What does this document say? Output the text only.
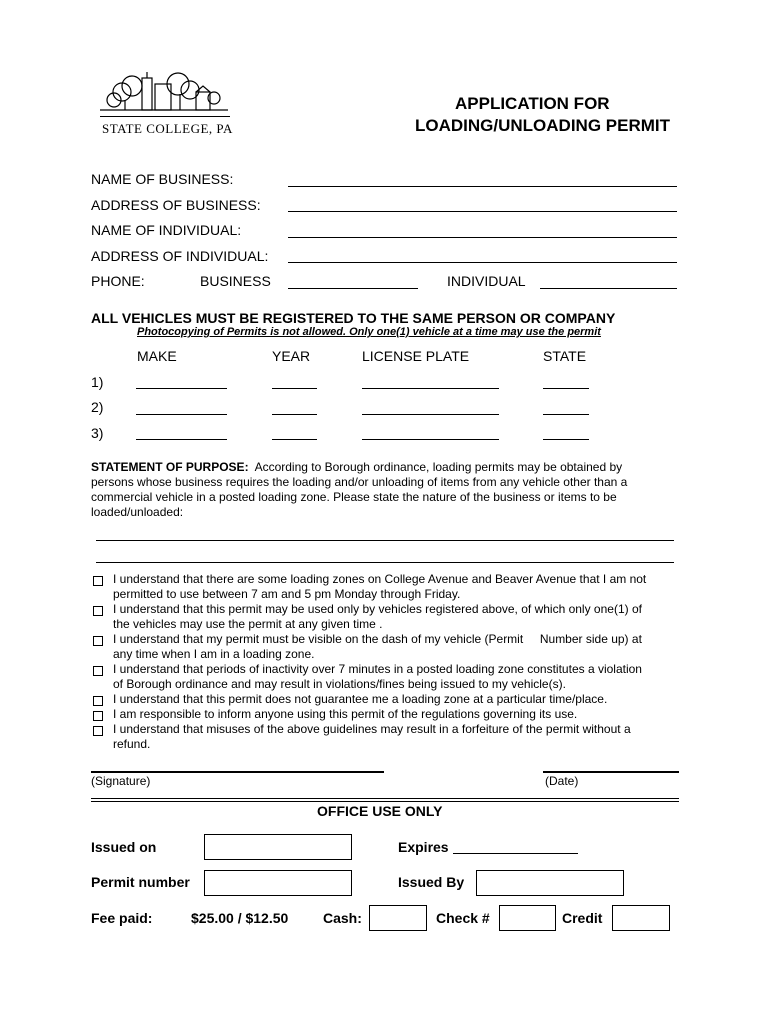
STATE COLLEGE, PA
APPLICATION FOR
LOADING/UNLOADING PERMIT
NAME OF BUSINESS:
ADDRESS OF BUSINESS:
NAME OF INDIVIDUAL:
ADDRESS OF INDIVIDUAL:
PHONE:	BUSINESS	INDIVIDUAL
ALL VEHICLES MUST BE REGISTERED TO THE SAME PERSON OR COMPANY
Photocopying of Permits is not allowed. Only one(1) vehicle at a time may use the permit
MAKE	YEAR	LICENSE PLATE	STATE
1)
2)
3)
STATEMENT OF PURPOSE: According to Borough ordinance, loading permits may be obtained by
persons whose business requires the loading and/or unloading of items from any vehicle other than a
commercial vehicle in a posted loading zone. Please state the nature of the business or items to be
loaded/unloaded:
I understand that there are some loading zones on College Avenue and Beaver Avenue that I am not
permitted to use between 7 am and 5 pm Monday through Friday.
I understand that this permit may be used only by vehicles registered above, of which only one(1) of
the vehicles may use the permit at any given time .
I understand that my permit must be visible on the dash of my vehicle (Permit     Number side up) at
any time when I am in a loading zone.
I understand that periods of inactivity over 7 minutes in a posted loading zone constitutes a violation
of Borough ordinance and may result in violations/fines being issued to my vehicle(s).
I understand that this permit does not guarantee me a loading zone at a particular time/place.
I am responsible to inform anyone using this permit of the regulations governing its use.
I understand that misuses of the above guidelines may result in a forfeiture of the permit without a
refund.
(Signature)	(Date)
OFFICE USE ONLY
Issued on	Expires
Permit number	Issued By
Fee paid:	$25.00 / $12.50 Cash:	Check #	Credit
